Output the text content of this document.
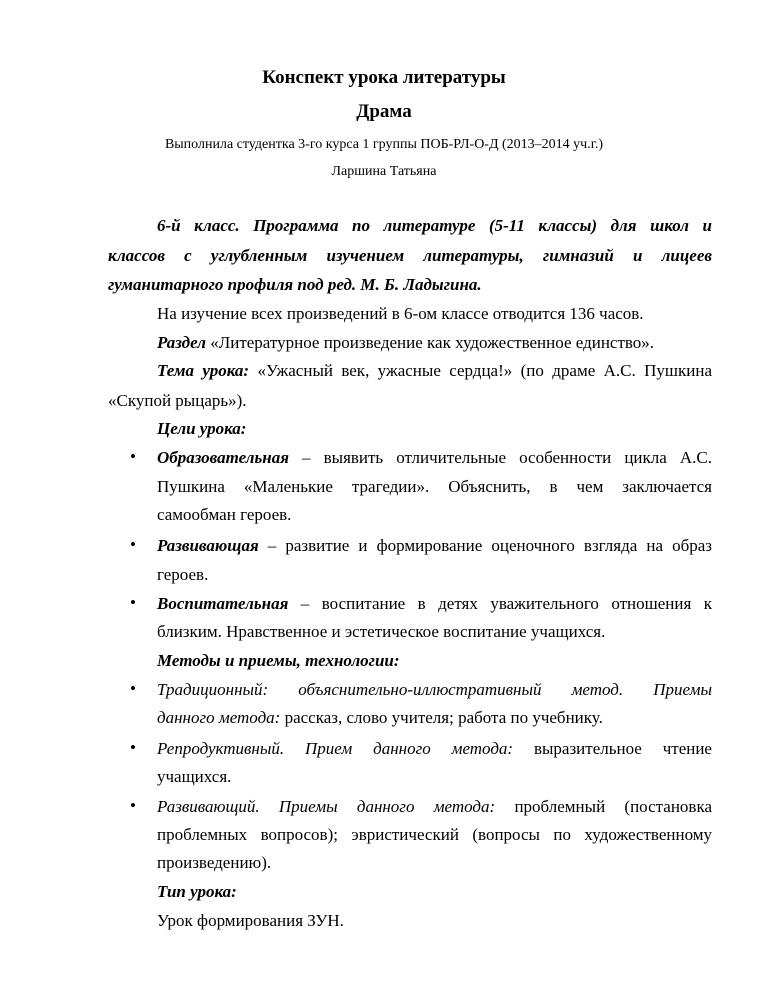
Конспект урока литературы
Драма
Выполнила студентка 3-го курса 1 группы ПОБ-РЛ-О-Д (2013–2014 уч.г.)
Ларшина Татьяна
6-й класс. Программа по литературе (5-11 классы) для школ и
классов с углубленным изучением литературы, гимназий и лицеев
гуманитарного профиля под ред. М. Б. Ладыгина.
На изучение всех произведений в 6-ом классе отводится 136 часов.
Раздел «Литературное произведение как художественное единство».
Тема урока: «Ужасный век, ужасные сердца!» (по драме А.С. Пушкина
«Скупой рыцарь»).
Цели урока:
• Образовательная – выявить отличительные особенности цикла А.С.
Пушкина «Маленькие трагедии». Объяснить, в чем заключается
самообман героев.
• Развивающая – развитие и формирование оценочного взгляда на образ
героев.
• Воспитательная – воспитание в детях уважительного отношения к
близким. Нравственное и эстетическое воспитание учащихся.
Методы и приемы, технологии:
• Традиционный: объяснительно-иллюстративный метод. Приемы
данного метода: рассказ, слово учителя; работа по учебнику.
• Репродуктивный. Прием данного метода: выразительное чтение
учащихся.
• Развивающий. Приемы данного метода: проблемный (постановка
проблемных вопросов); эвристический (вопросы по художественному
произведению).
Тип урока:
Урок формирования ЗУН.
